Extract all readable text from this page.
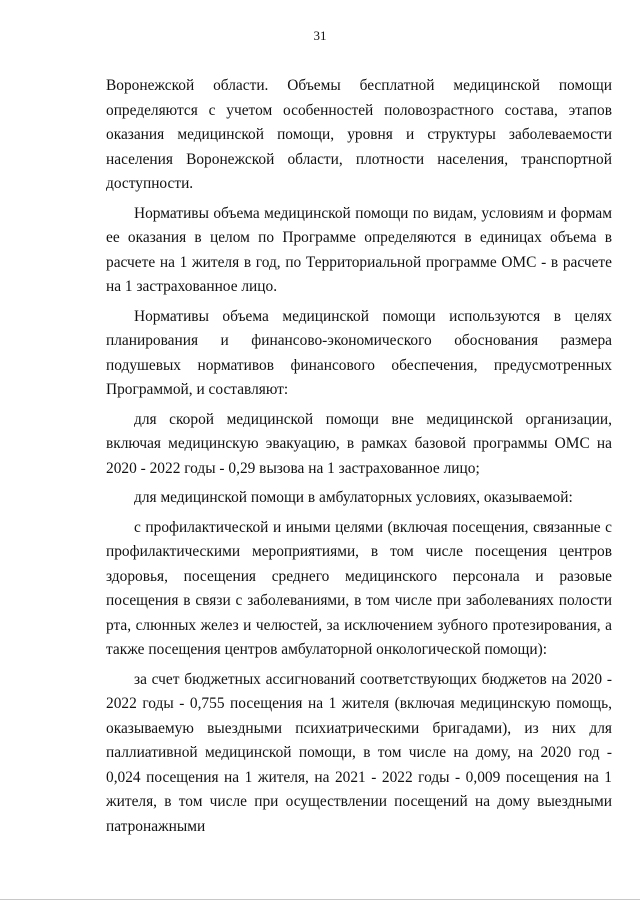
31

Воронежской области. Объемы бесплатной медицинской помощи определяются с учетом особенностей половозрастного состава, этапов оказания медицинской помощи, уровня и структуры заболеваемости населения Воронежской области, плотности населения, транспортной доступности.

Нормативы объема медицинской помощи по видам, условиям и формам ее оказания в целом по Программе определяются в единицах объема в расчете на 1 жителя в год, по Территориальной программе ОМС - в расчете на 1 застрахованное лицо.

Нормативы объема медицинской помощи используются в целях планирования и финансово-экономического обоснования размера подушевых нормативов финансового обеспечения, предусмотренных Программой, и составляют:

для скорой медицинской помощи вне медицинской организации, включая медицинскую эвакуацию, в рамках базовой программы ОМС на 2020 - 2022 годы - 0,29 вызова на 1 застрахованное лицо;

для медицинской помощи в амбулаторных условиях, оказываемой:

с профилактической и иными целями (включая посещения, связанные с профилактическими мероприятиями, в том числе посещения центров здоровья, посещения среднего медицинского персонала и разовые посещения в связи с заболеваниями, в том числе при заболеваниях полости рта, слюнных желез и челюстей, за исключением зубного протезирования, а также посещения центров амбулаторной онкологической помощи):

за счет бюджетных ассигнований соответствующих бюджетов на 2020 - 2022 годы - 0,755 посещения на 1 жителя (включая медицинскую помощь, оказываемую выездными психиатрическими бригадами), из них для паллиативной медицинской помощи, в том числе на дому, на 2020 год - 0,024 посещения на 1 жителя, на 2021 - 2022 годы - 0,009 посещения на 1 жителя, в том числе при осуществлении посещений на дому выездными патронажными
